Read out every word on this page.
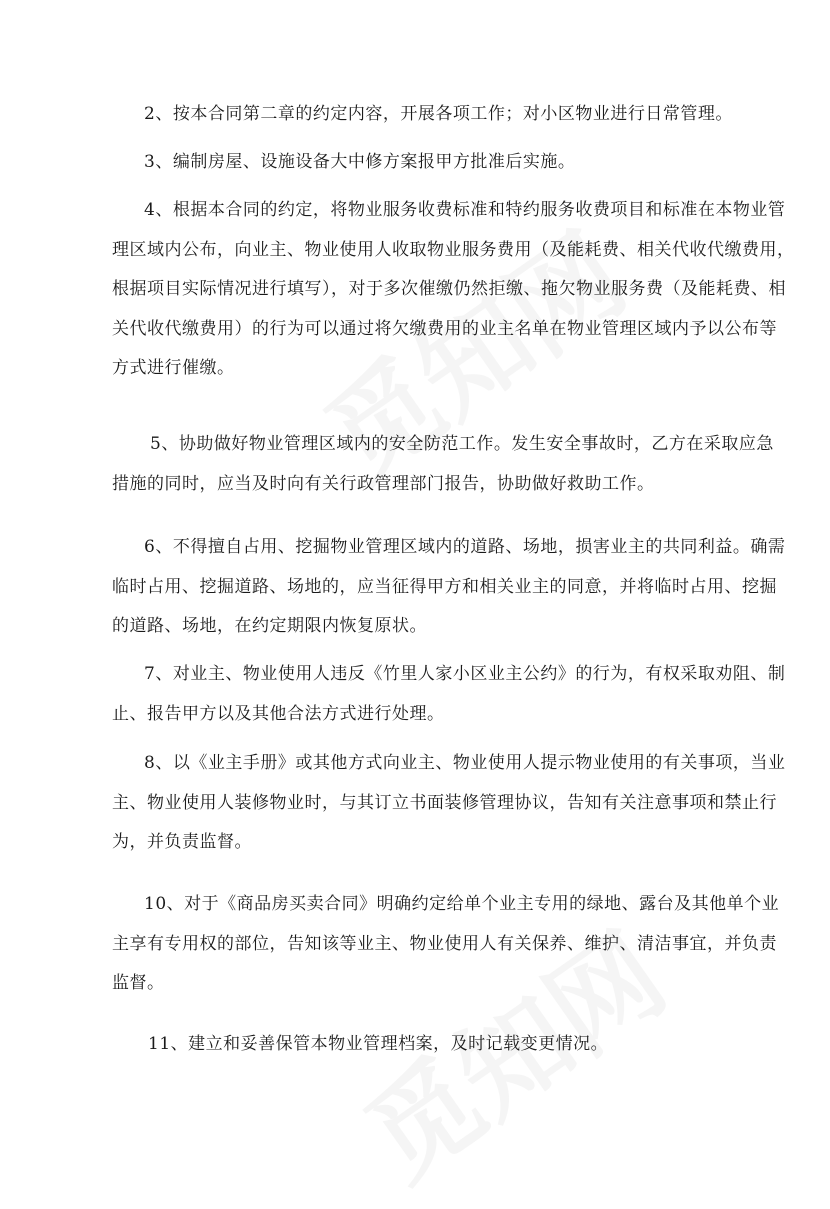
2、按本合同第二章的约定内容，开展各项工作；对小区物业进行日常管理。

3、编制房屋、设施设备大中修方案报甲方批准后实施。

4、根据本合同的约定，将物业服务收费标准和特约服务收费项目和标准在本物业管
理区域内公布，向业主、物业使用人收取物业服务费用（及能耗费、相关代收代缴费用，
根据项目实际情况进行填写），对于多次催缴仍然拒缴、拖欠物业服务费（及能耗费、相
关代收代缴费用）的行为可以通过将欠缴费用的业主名单在物业管理区域内予以公布等
方式进行催缴。

5、协助做好物业管理区域内的安全防范工作。发生安全事故时，乙方在采取应急
措施的同时，应当及时向有关行政管理部门报告，协助做好救助工作。

6、不得擅自占用、挖掘物业管理区域内的道路、场地，损害业主的共同利益。确需
临时占用、挖掘道路、场地的，应当征得甲方和相关业主的同意，并将临时占用、挖掘
的道路、场地，在约定期限内恢复原状。

7、对业主、物业使用人违反《竹里人家小区业主公约》的行为，有权采取劝阻、制
止、报告甲方以及其他合法方式进行处理。

8、以《业主手册》或其他方式向业主、物业使用人提示物业使用的有关事项，当业
主、物业使用人装修物业时，与其订立书面装修管理协议，告知有关注意事项和禁止行
为，并负责监督。

10、对于《商品房买卖合同》明确约定给单个业主专用的绿地、露台及其他单个业
主享有专用权的部位，告知该等业主、物业使用人有关保养、维护、清洁事宜，并负责
监督。

11、建立和妥善保管本物业管理档案，及时记载变更情况。
